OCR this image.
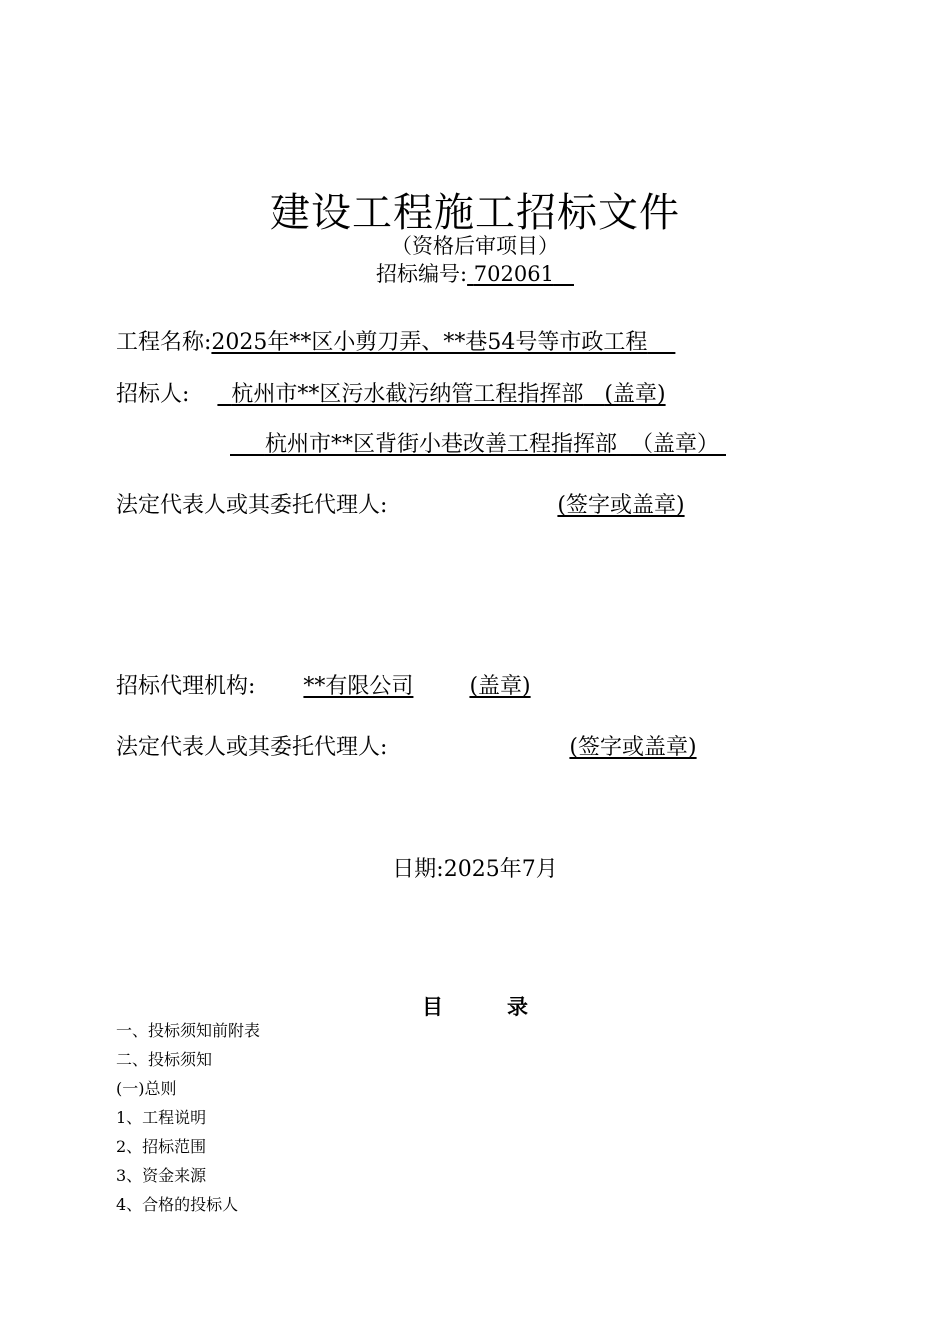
建设工程施工招标文件
（资格后审项目）
招标编号: 702061
工程名称:2025年**区小剪刀弄、**巷54号等市政工程
招标人: 杭州市**区污水截污纳管工程指挥部 (盖章)
杭州市**区背街小巷改善工程指挥部 （盖章）
法定代表人或其委托代理人:	(签字或盖章)
招标代理机构: **有限公司	(盖章)
法定代表人或其委托代理人:	(签字或盖章)
日期:2025年7月
目	录
一、投标须知前附表
二、投标须知
(一)总则
1、工程说明
2、招标范围
3、资金来源
4、合格的投标人
